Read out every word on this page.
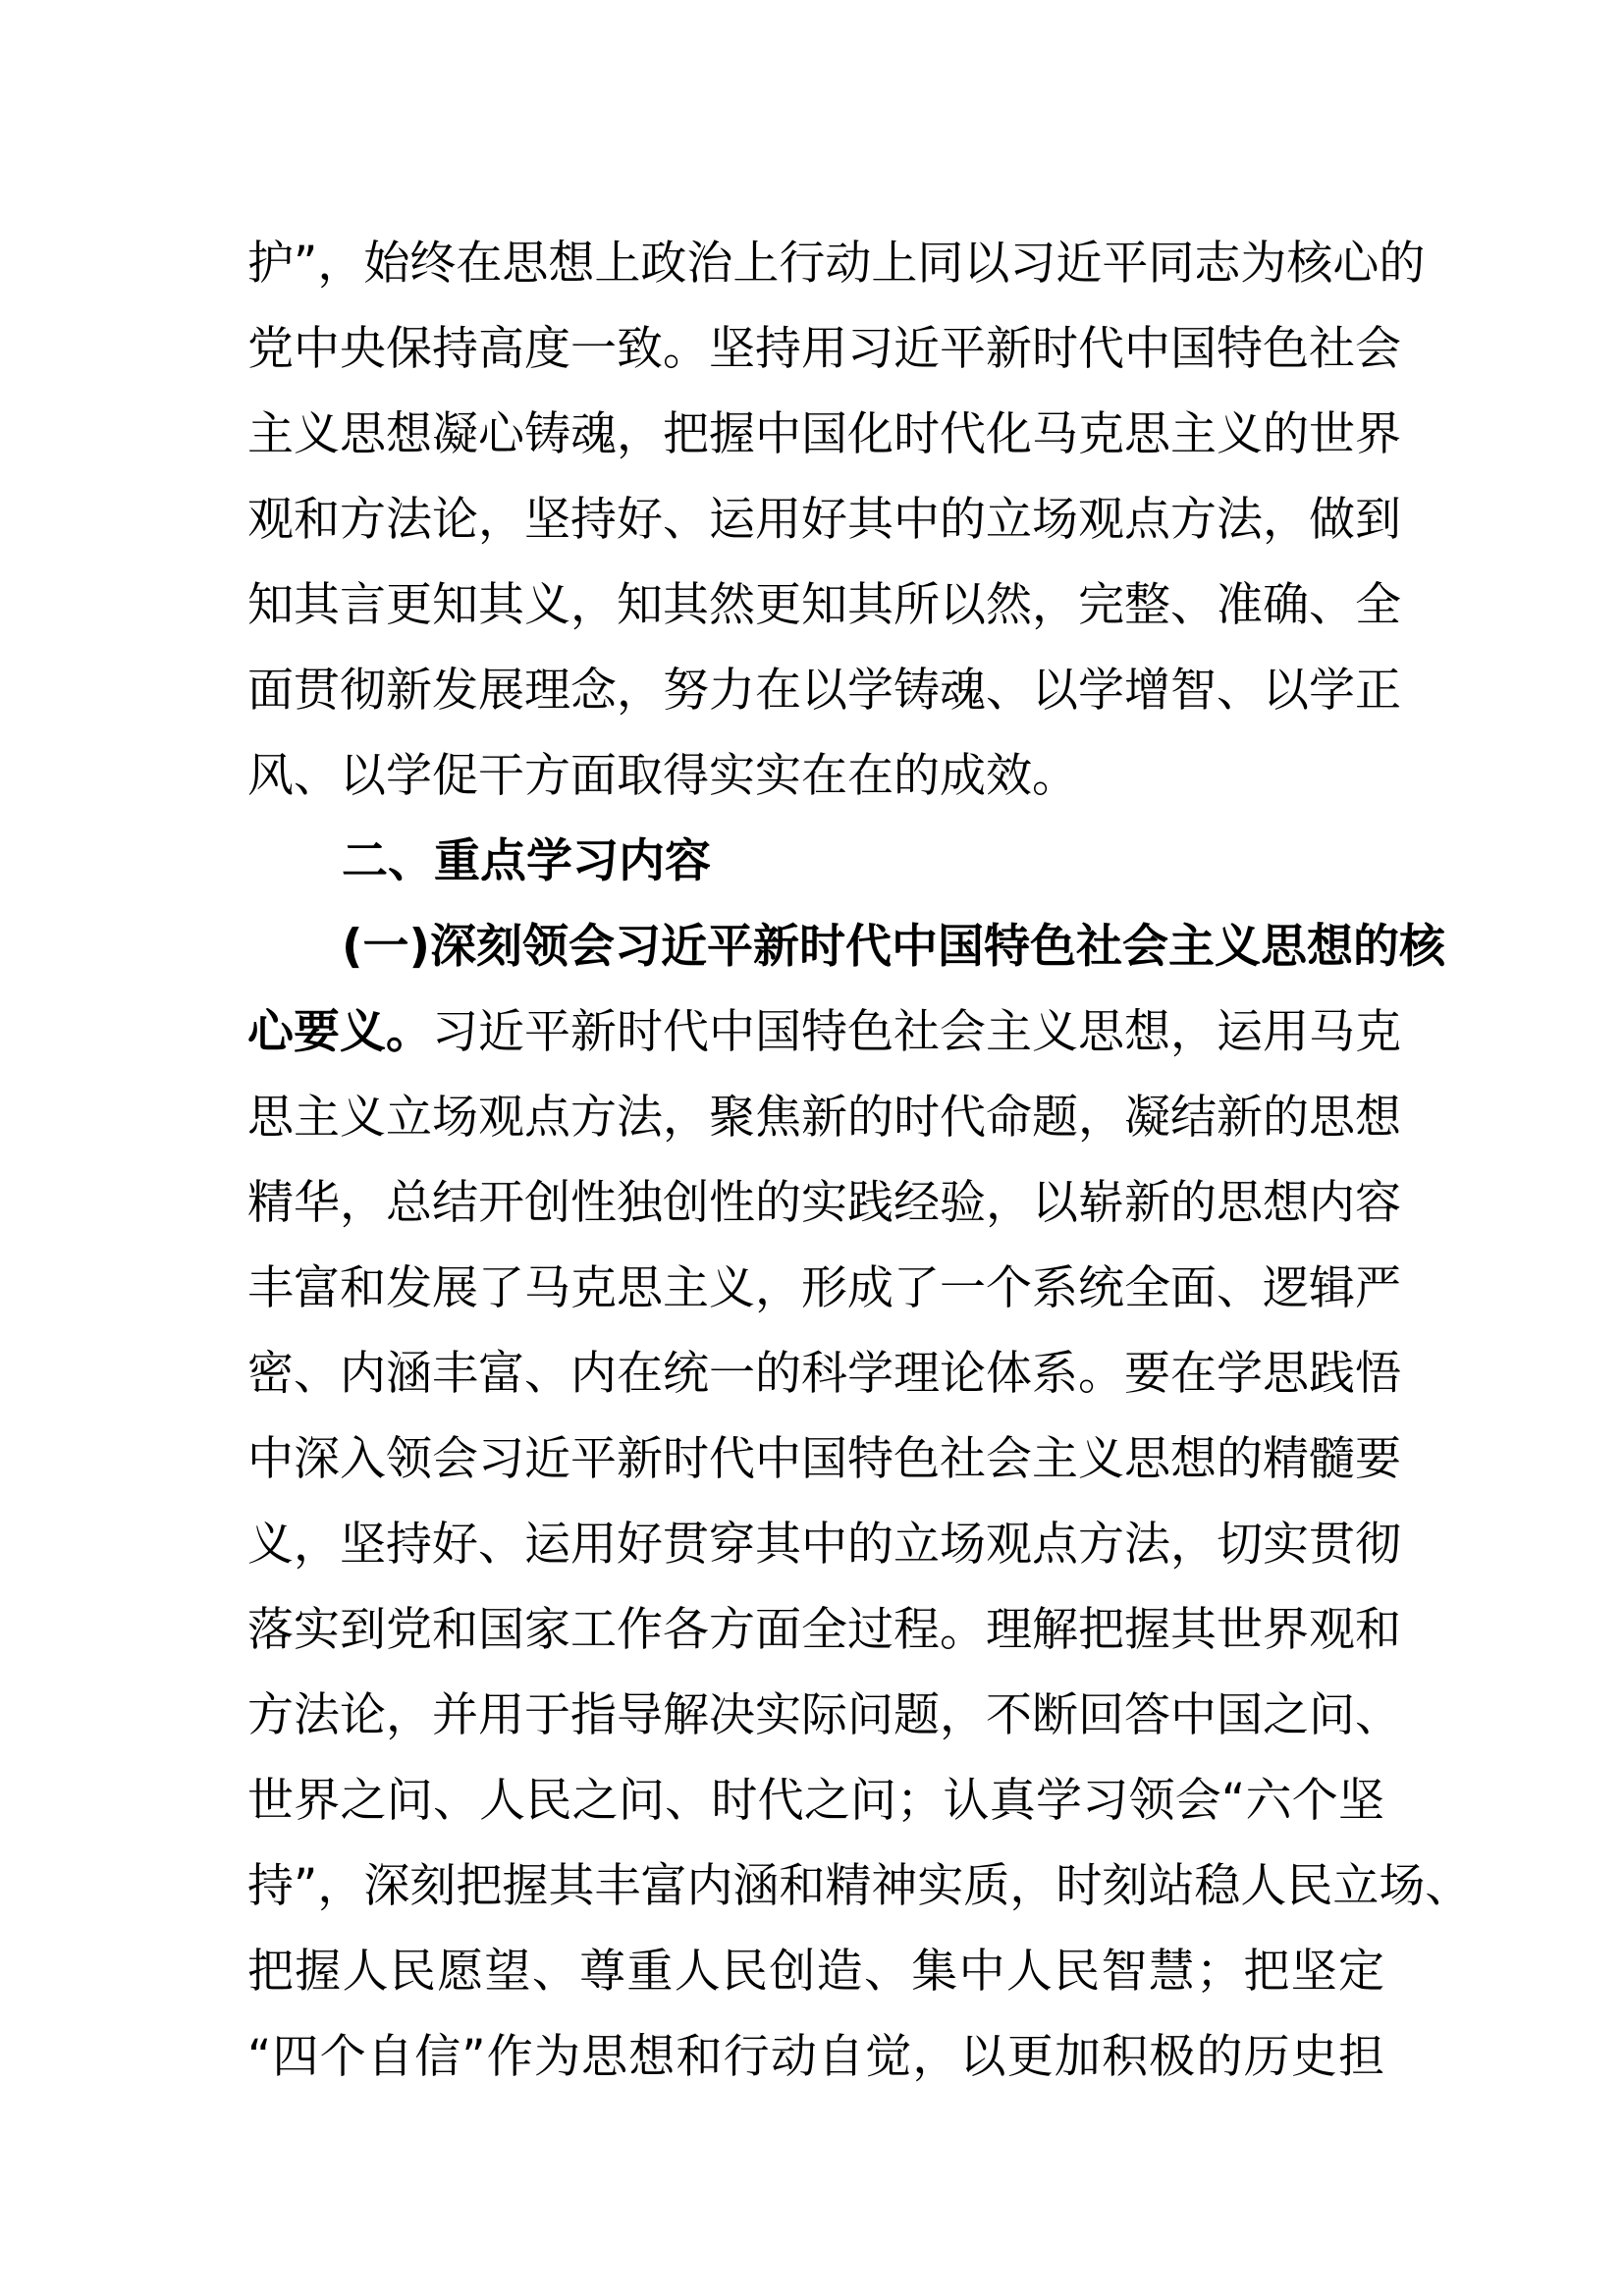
护”，始终在思想上政治上行动上同以习近平同志为核心的
党中央保持高度一致。坚持用习近平新时代中国特色社会
主义思想凝心铸魂，把握中国化时代化马克思主义的世界
观和方法论，坚持好、运用好其中的立场观点方法，做到
知其言更知其义，知其然更知其所以然，完整、准确、全
面贯彻新发展理念，努力在以学铸魂、以学增智、以学正
风、以学促干方面取得实实在在的成效。
二、重点学习内容
(一)深刻领会习近平新时代中国特色社会主义思想的核
心要义。习近平新时代中国特色社会主义思想，运用马克
思主义立场观点方法，聚焦新的时代命题，凝结新的思想
精华，总结开创性独创性的实践经验，以崭新的思想内容
丰富和发展了马克思主义，形成了一个系统全面、逻辑严
密、内涵丰富、内在统一的科学理论体系。要在学思践悟
中深入领会习近平新时代中国特色社会主义思想的精髓要
义，坚持好、运用好贯穿其中的立场观点方法，切实贯彻
落实到党和国家工作各方面全过程。理解把握其世界观和
方法论，并用于指导解决实际问题，不断回答中国之问、
世界之问、人民之问、时代之问；认真学习领会“六个坚
持”，深刻把握其丰富内涵和精神实质，时刻站稳人民立场、
把握人民愿望、尊重人民创造、集中人民智慧；把坚定
“四个自信”作为思想和行动自觉，以更加积极的历史担
